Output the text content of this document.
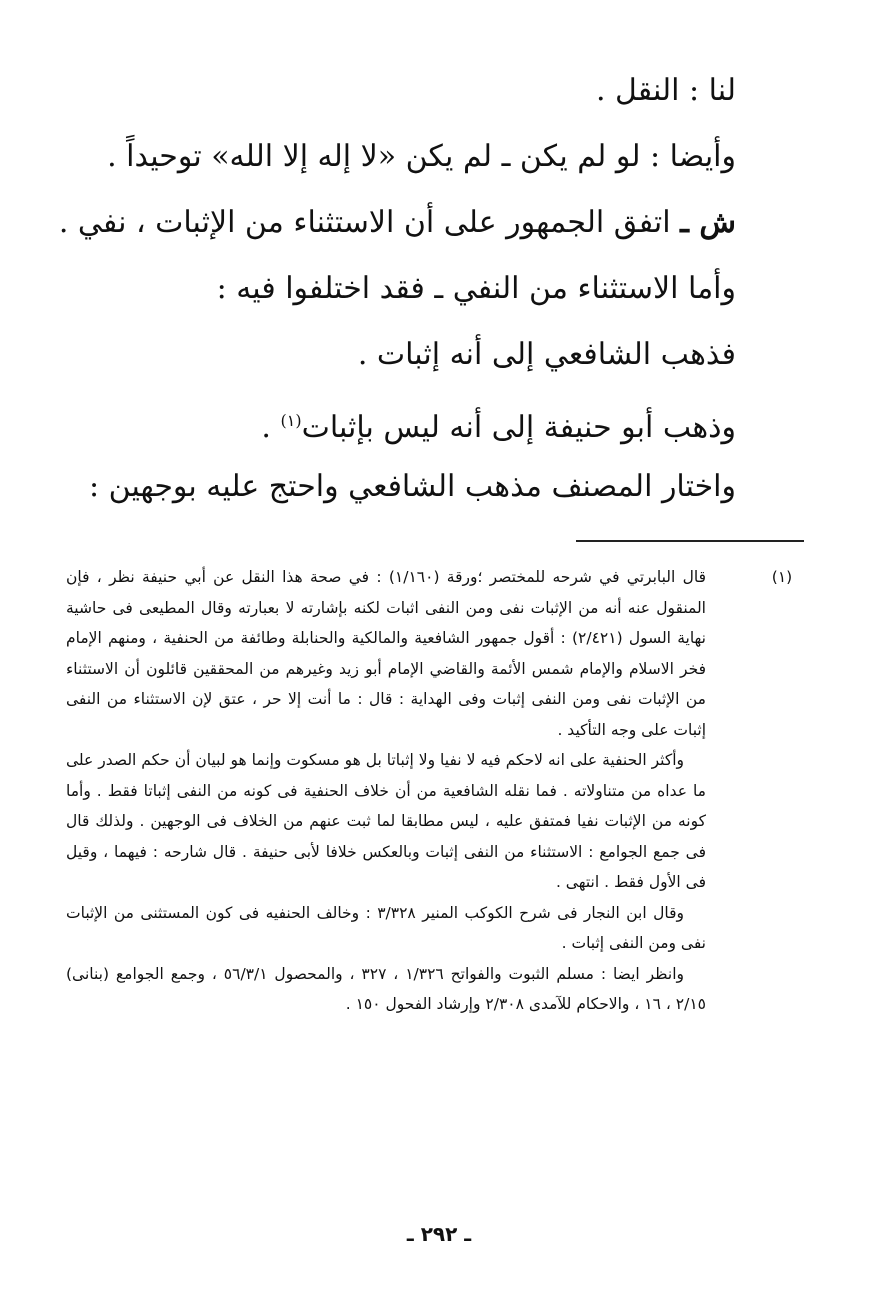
لنا : النقل .
وأيضا : لو لم يكن ـ لم يكن «لا إله إلا الله» توحيداً .
ش ـ اتفق الجمهور على أن الاستثناء من الإثبات ، نفي .
وأما الاستثناء من النفي ـ فقد اختلفوا فيه :
فذهب الشافعي إلى أنه إثبات .
وذهب أبو حنيفة إلى أنه ليس بإثبات$^{(١)}$ .
واختار المصنف مذهب الشافعي واحتج عليه بوجهين :
(١)

قال البابرتي في شرحه للمختصر ؛ورقة (١/١٦٠) : في صحة هذا النقل عن أبي حنيفة نظر ، فإن المنقول عنه أنه من الإثبات نفى ومن النفى اثبات لكنه بإشارته لا بعبارته وقال المطيعى فى حاشية نهاية السول (٢/٤٢١) : أقول جمهور الشافعية والمالكية والحنابلة وطائفة من الحنفية ، ومنهم الإمام فخر الاسلام والإمام شمس الأئمة والقاضي الإمام أبو زيد وغيرهم من المحققين قائلون أن الاستثناء من الإثبات نفى ومن النفى إثبات وفى الهداية : قال : ما أنت إلا حر ، عتق لإن الاستثناء من النفى إثبات على وجه التأكيد .

وأكثر الحنفية على انه لاحكم فيه لا نفيا ولا إثباتا بل هو مسكوت وإنما هو لبيان أن حكم الصدر على ما عداه من متناولاته . فما نقله الشافعية من أن خلاف الحنفية فى كونه من النفى إثباتا فقط . وأما كونه من الإثبات نفيا فمتفق عليه ، ليس مطابقا لما ثبت عنهم من الخلاف فى الوجهين . ولذلك قال فى جمع الجوامع : الاستثناء من النفى إثبات وبالعكس خلافا لأبى حنيفة . قال شارحه : فيهما ، وقيل فى الأول فقط . انتهى .

وقال ابن النجار فى شرح الكوكب المنير ٣/٣٢٨ : وخالف الحنفيه فى كون المستثنى من الإثبات نفى ومن النفى إثبات .

وانظر ايضا : مسلم الثبوت والفواتح ١/٣٢٦ ، ٣٢٧ ، والمحصول ٥٦/٣/١ ، وجمع الجوامع (بنانى) ٢/١٥ ، ١٦ ، والاحكام للآمدى ٢/٣٠٨ وإرشاد الفحول ١٥٠ .

ـ ٢٩٢ ـ
